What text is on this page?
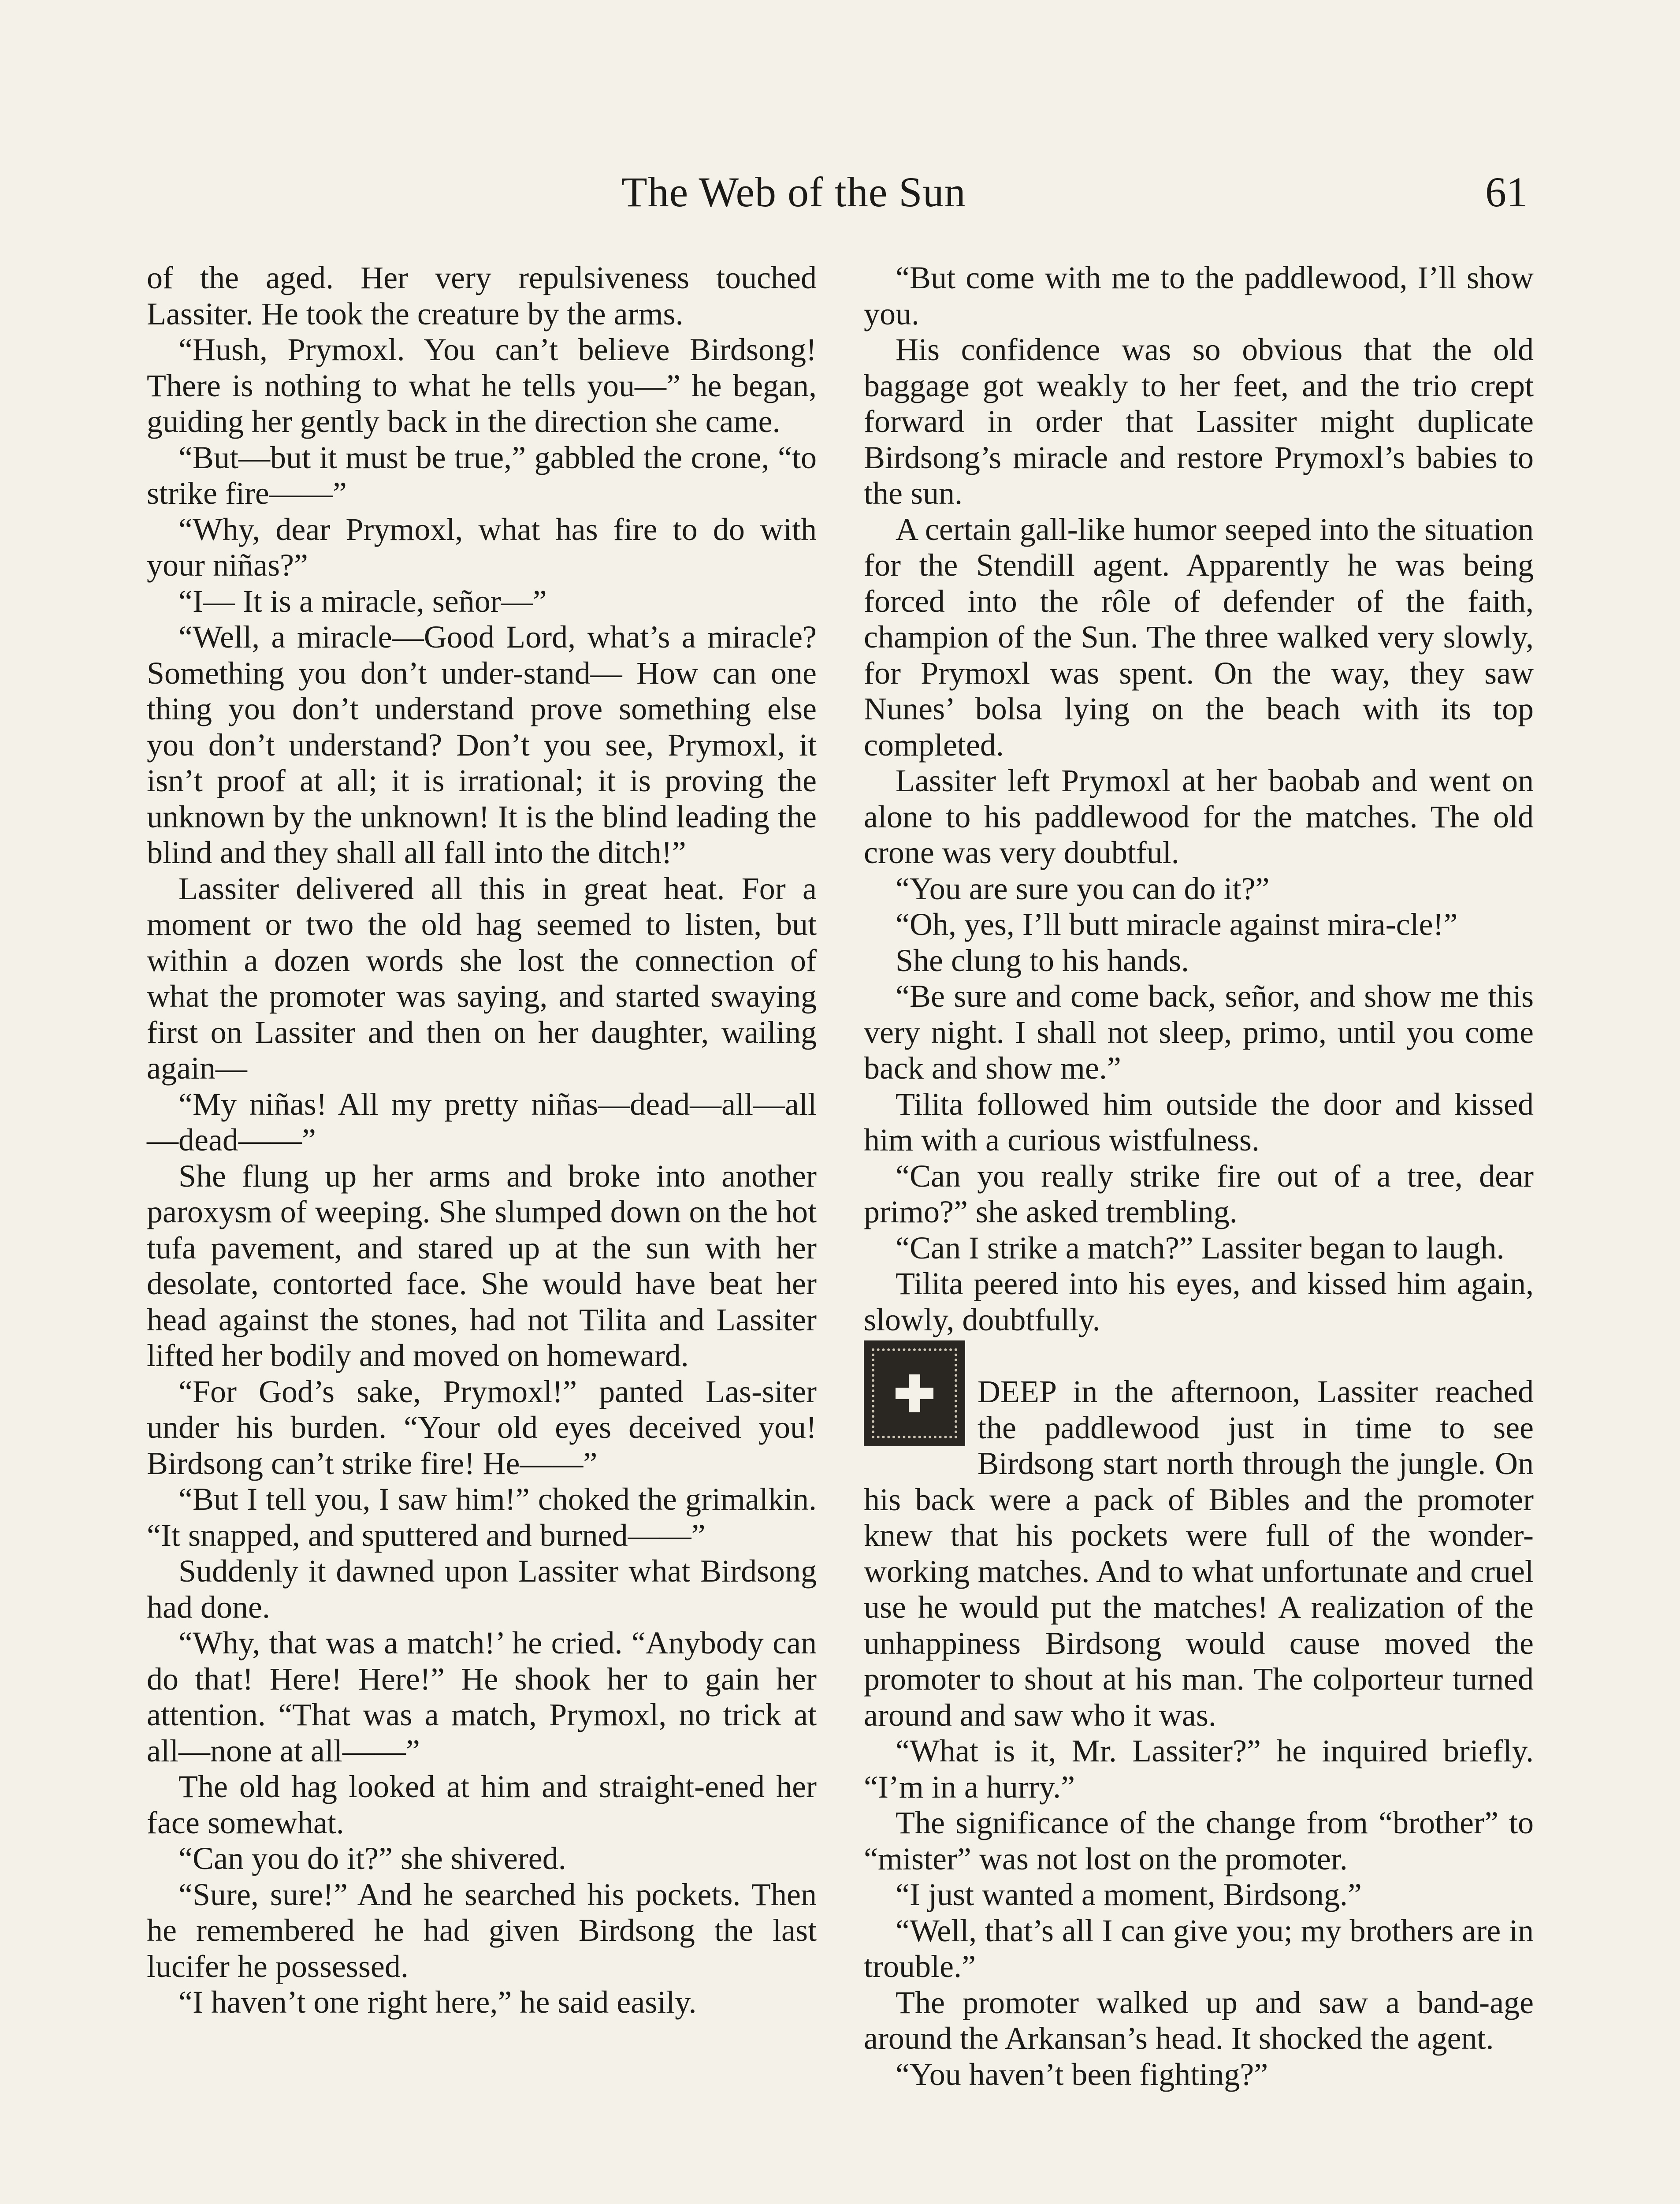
The Web of the Sun	61

of the aged. Her very repulsiveness touched Lassiter. He took the creature by the arms.

“Hush, Prymoxl. You can’t believe Birdsong! There is nothing to what he tells you—” he began, guiding her gently back in the direction she came.

“But—but it must be true,” gabbled the crone, “to strike fire——”

“Why, dear Prymoxl, what has fire to do with your niñas?”

“I— It is a miracle, señor—”

“Well, a miracle—Good Lord, what’s a miracle? Something you don’t under-stand— How can one thing you don’t understand prove something else you don’t understand? Don’t you see, Prymoxl, it isn’t proof at all; it is irrational; it is proving the unknown by the unknown! It is the blind leading the blind and they shall all fall into the ditch!”

Lassiter delivered all this in great heat. For a moment or two the old hag seemed to listen, but within a dozen words she lost the connection of what the promoter was saying, and started swaying first on Lassiter and then on her daughter, wailing again—

“My niñas! All my pretty niñas—dead—all—all—dead——”

She flung up her arms and broke into another paroxysm of weeping. She slumped down on the hot tufa pavement, and stared up at the sun with her desolate, contorted face. She would have beat her head against the stones, had not Tilita and Lassiter lifted her bodily and moved on homeward.

“For God’s sake, Prymoxl!” panted Las-siter under his burden. “Your old eyes deceived you! Birdsong can’t strike fire! He——”

“But I tell you, I saw him!” choked the grimalkin. “It snapped, and sputtered and burned——”

Suddenly it dawned upon Lassiter what Birdsong had done.

“Why, that was a match!’ he cried. “Anybody can do that! Here! Here!” He shook her to gain her attention. “That was a match, Prymoxl, no trick at all—none at all——”

The old hag looked at him and straight-ened her face somewhat.

“Can you do it?” she shivered.

“Sure, sure!” And he searched his pockets. Then he remembered he had given Birdsong the last lucifer he possessed.

“I haven’t one right here,” he said easily.

“But come with me to the paddlewood, I’ll show you.

His confidence was so obvious that the old baggage got weakly to her feet, and the trio crept forward in order that Lassiter might duplicate Birdsong’s miracle and restore Prymoxl’s babies to the sun.

A certain gall-like humor seeped into the situation for the Stendill agent. Apparently he was being forced into the rôle of defender of the faith, champion of the Sun. The three walked very slowly, for Prymoxl was spent. On the way, they saw Nunes’ bolsa lying on the beach with its top completed.

Lassiter left Prymoxl at her baobab and went on alone to his paddlewood for the matches. The old crone was very doubtful.

“You are sure you can do it?”

“Oh, yes, I’ll butt miracle against mira-cle!”

She clung to his hands.

“Be sure and come back, señor, and show me this very night. I shall not sleep, primo, until you come back and show me.”

Tilita followed him outside the door and kissed him with a curious wistfulness.

“Can you really strike fire out of a tree, dear primo?” she asked trembling.

“Can I strike a match?” Lassiter began to laugh.

Tilita peered into his eyes, and kissed him again, slowly, doubtfully.

DEEP in the afternoon, Lassiter reached the paddlewood just in time to see Birdsong start north through the jungle. On his back were a pack of Bibles and the promoter knew that his pockets were full of the wonder-working matches. And to what unfortunate and cruel use he would put the matches! A realization of the unhappiness Birdsong would cause moved the promoter to shout at his man. The colporteur turned around and saw who it was.

“What is it, Mr. Lassiter?” he inquired briefly. “I’m in a hurry.”

The significance of the change from “brother” to “mister” was not lost on the promoter.

“I just wanted a moment, Birdsong.”

“Well, that’s all I can give you; my brothers are in trouble.”

The promoter walked up and saw a band-age around the Arkansan’s head. It shocked the agent.

“You haven’t been fighting?”
